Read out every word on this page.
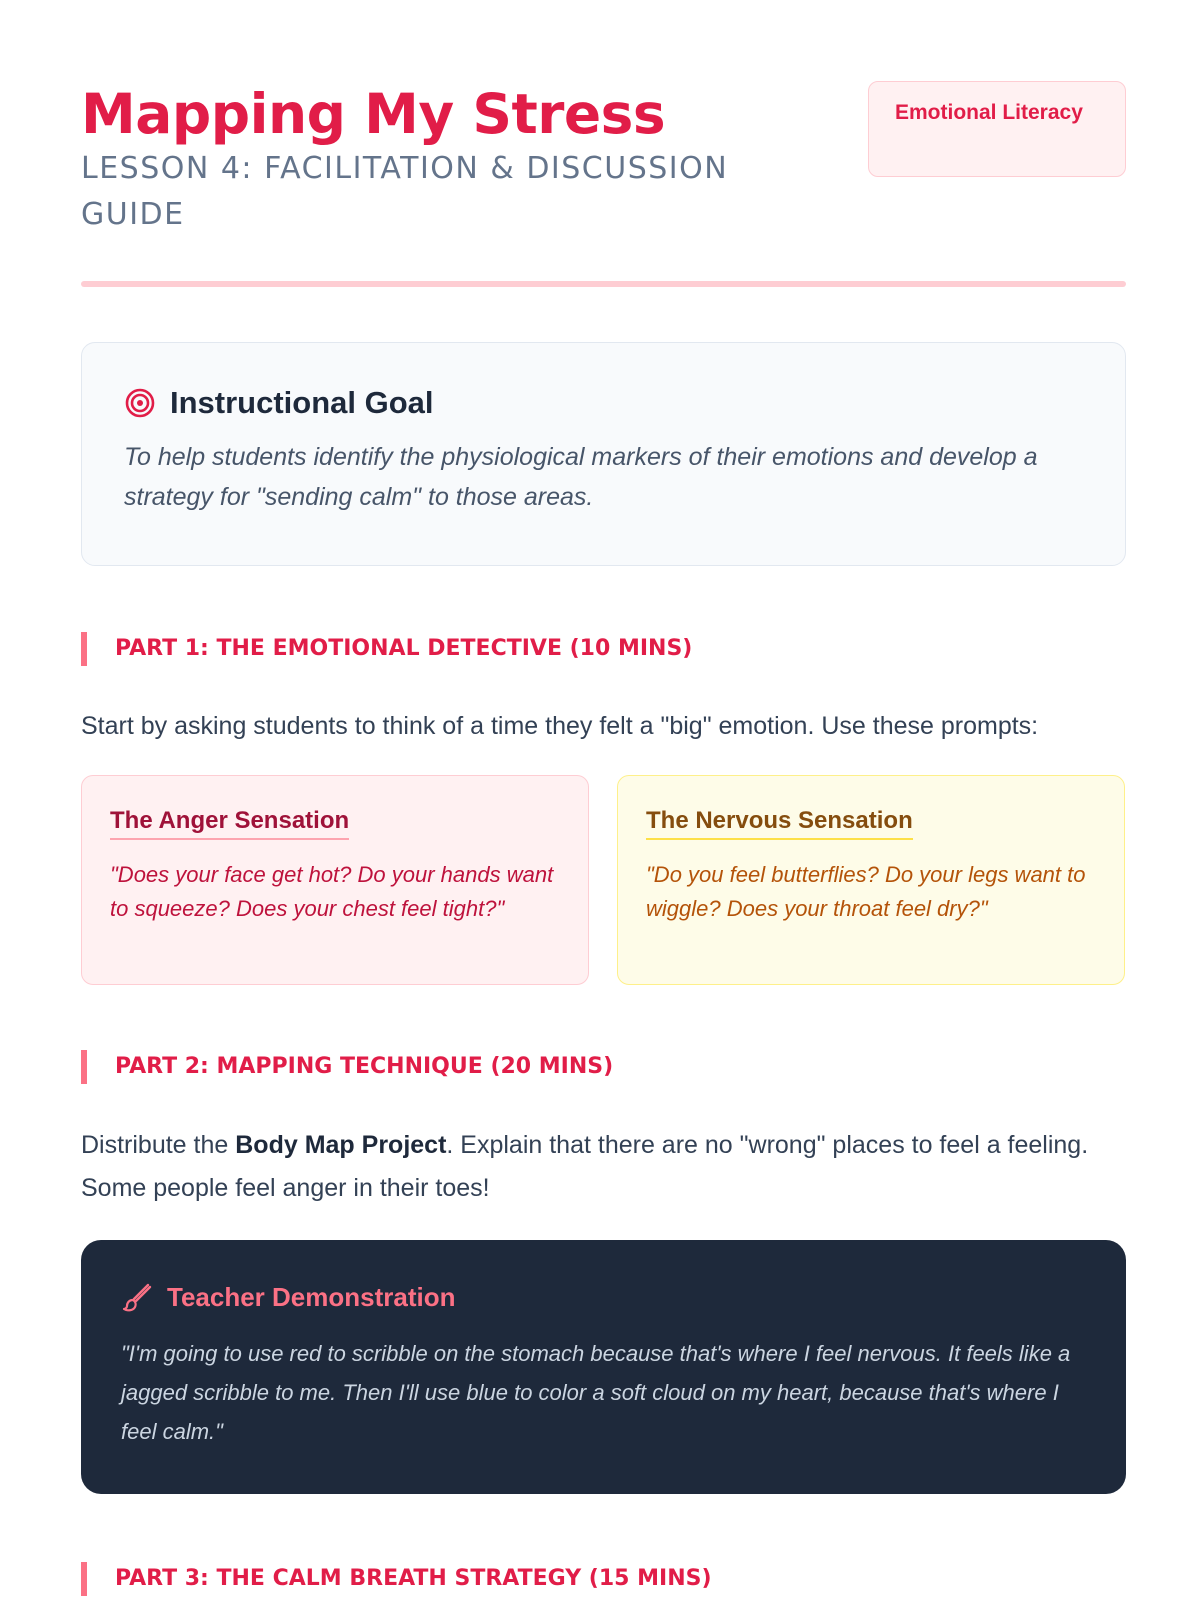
Mapping My Stress
LESSON 4: FACILITATION & DISCUSSION GUIDE
Emotional Literacy
Instructional Goal
To help students identify the physiological markers of their emotions and develop a strategy for "sending calm" to those areas.
PART 1: THE EMOTIONAL DETECTIVE (10 MINS)

Start by asking students to think of a time they felt a "big" emotion. Use these prompts:

The Anger Sensation
"Does your face get hot? Do your hands want to squeeze? Does your chest feel tight?"
The Nervous Sensation
"Do you feel butterflies? Do your legs want to wiggle? Does your throat feel dry?"
PART 2: MAPPING TECHNIQUE (20 MINS)

Distribute the Body Map Project. Explain that there are no "wrong" places to feel a feeling. Some people feel anger in their toes!

Teacher Demonstration
"I'm going to use red to scribble on the stomach because that's where I feel nervous. It feels like a jagged scribble to me. Then I'll use blue to color a soft cloud on my heart, because that's where I feel calm."
PART 3: THE CALM BREATH STRATEGY (15 MINS)
